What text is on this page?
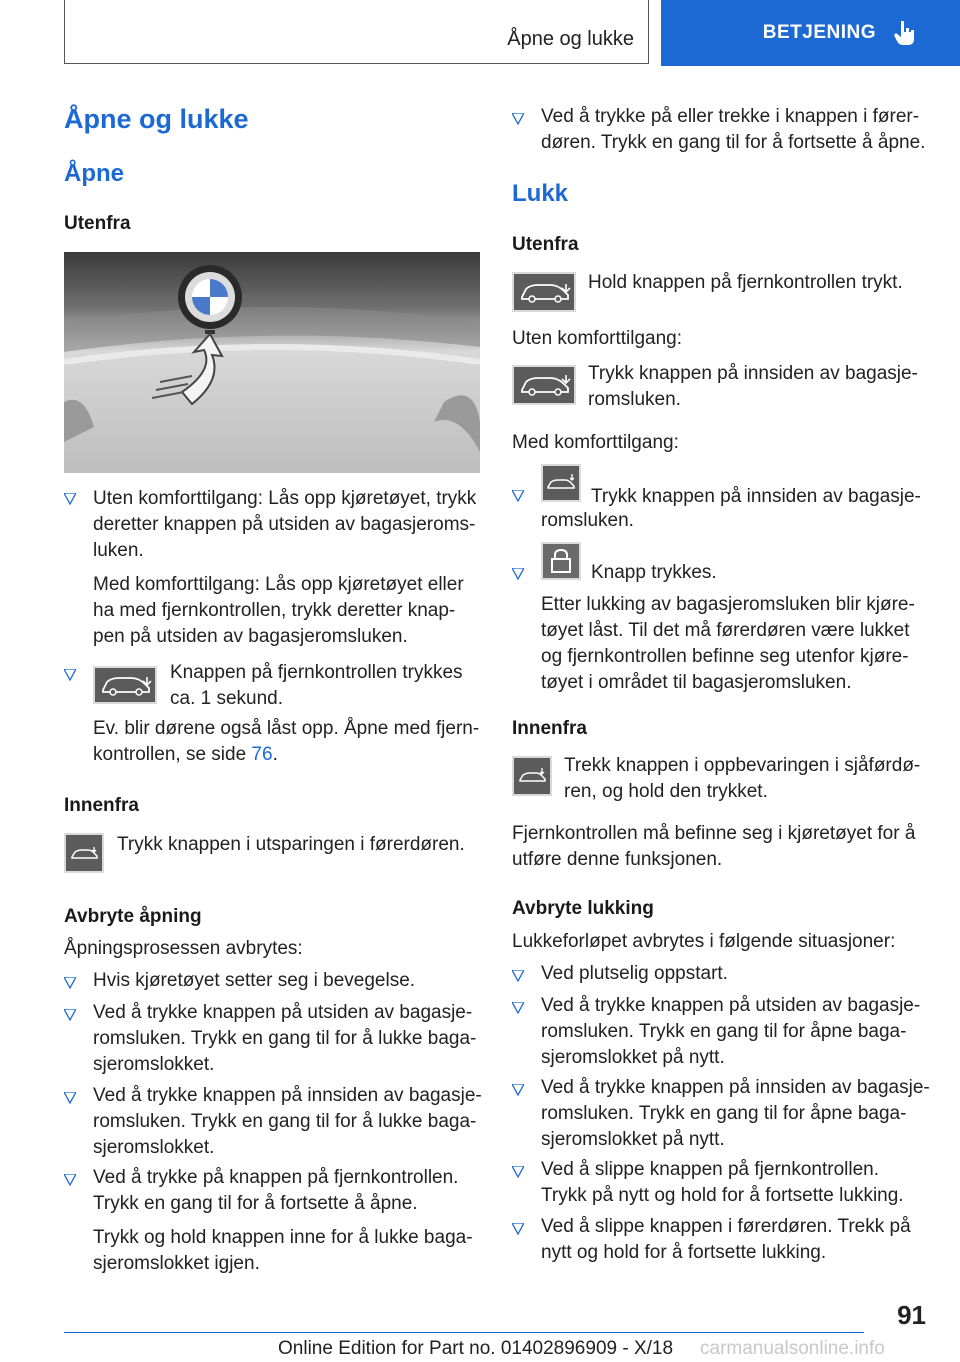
Åpne og lukke	BETJENING
Åpne og lukke
Åpne
Utenfra
Uten komforttilgang: Lås opp kjøretøyet, trykk
deretter knappen på utsiden av bagasjeroms-
luken.
Med komforttilgang: Lås opp kjøretøyet eller
ha med fjernkontrollen, trykk deretter knap-
pen på utsiden av bagasjeromsluken.
Knappen på fjernkontrollen trykkes
ca. 1 sekund.
Ev. blir dørene også låst opp. Åpne med fjern-
kontrollen, se side 76.
Innenfra
Trykk knappen i utsparingen i førerdøren.
Avbryte åpning
Åpningsprosessen avbrytes:
Hvis kjøretøyet setter seg i bevegelse.
Ved å trykke knappen på utsiden av bagasje-
romsluken. Trykk en gang til for å lukke baga-
sjeromslokket.
Ved å trykke knappen på innsiden av bagasje-
romsluken. Trykk en gang til for å lukke baga-
sjeromslokket.
Ved å trykke på knappen på fjernkontrollen.
Trykk en gang til for å fortsette å åpne.
Trykk og hold knappen inne for å lukke baga-
sjeromslokket igjen.
Ved å trykke på eller trekke i knappen i fører-
døren. Trykk en gang til for å fortsette å åpne.
Lukk
Utenfra
Hold knappen på fjernkontrollen trykt.
Uten komforttilgang:
Trykk knappen på innsiden av bagasje-
romsluken.
Med komforttilgang:
Trykk knappen på innsiden av bagasje-
romsluken.
Knapp trykkes.
Etter lukking av bagasjeromsluken blir kjøre-
tøyet låst. Til det må førerdøren være lukket
og fjernkontrollen befinne seg utenfor kjøre-
tøyet i området til bagasjeromsluken.
Innenfra
Trekk knappen i oppbevaringen i sjåførdø-
ren, og hold den trykket.
Fjernkontrollen må befinne seg i kjøretøyet for å
utføre denne funksjonen.
Avbryte lukking
Lukkeforløpet avbrytes i følgende situasjoner:
Ved plutselig oppstart.
Ved å trykke knappen på utsiden av bagasje-
romsluken. Trykk en gang til for åpne baga-
sjeromslokket på nytt.
Ved å trykke knappen på innsiden av bagasje-
romsluken. Trykk en gang til for åpne baga-
sjeromslokket på nytt.
Ved å slippe knappen på fjernkontrollen.
Trykk på nytt og hold for å fortsette lukking.
Ved å slippe knappen i førerdøren. Trekk på
nytt og hold for å fortsette lukking.
91
Online Edition for Part no. 01402896909 - X/18 carmanualsonline.info
